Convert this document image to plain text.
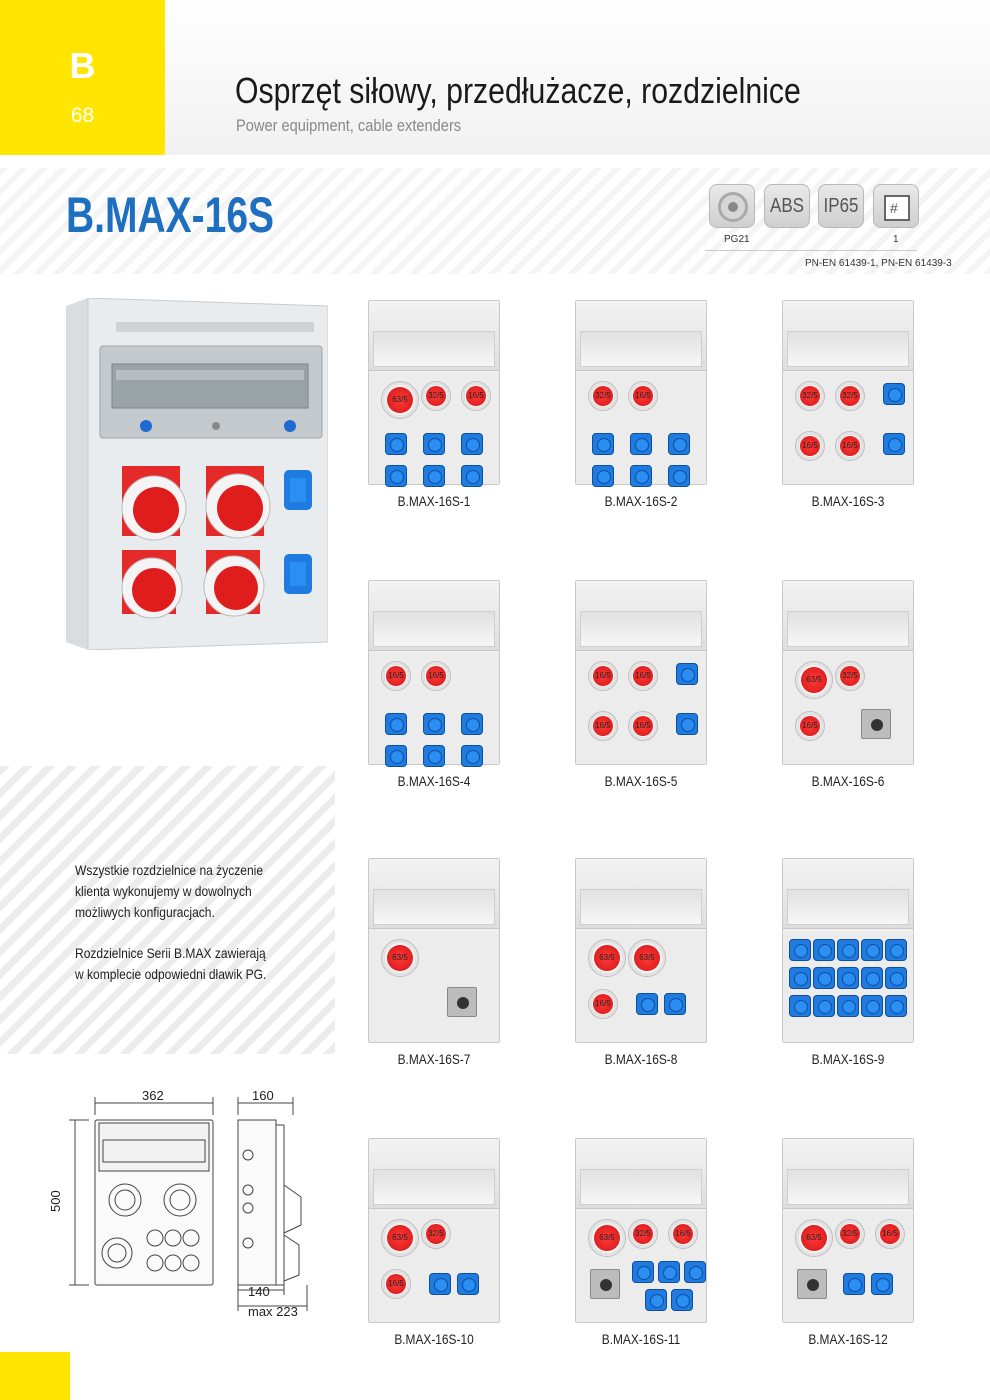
B
68
Osprzęt siłowy, przedłużacze, rozdzielnice
Power equipment, cable extenders
B.MAX-16S	ABS IP65 #
PG21	1
PN-EN 61439-1, PN-EN 61439-3
63/5	32/5	16/5
B.MAX-16S-1
32/5	16/5
B.MAX-16S-2
32/5	32/5
16/5	16/5
B.MAX-16S-3
16/5	16/5
B.MAX-16S-4
16/5	16/5
16/5	16/5
B.MAX-16S-5
63/5	32/5
16/5
B.MAX-16S-6
63/5
B.MAX-16S-7
63/5	63/5
16/5
B.MAX-16S-8	B.MAX-16S-9
63/5	32/5
16/5
B.MAX-16S-10
63/5	32/5	16/5
B.MAX-16S-11
63/5	32/5	16/5
B.MAX-16S-12
Wszystkie rozdzielnice na życzenie
klienta wykonujemy w dowolnych
możliwych konfiguracjach.
Rozdzielnice Serii B.MAX zawierają
w komplecie odpowiedni dławik PG.
362	160
500
140
max 223
